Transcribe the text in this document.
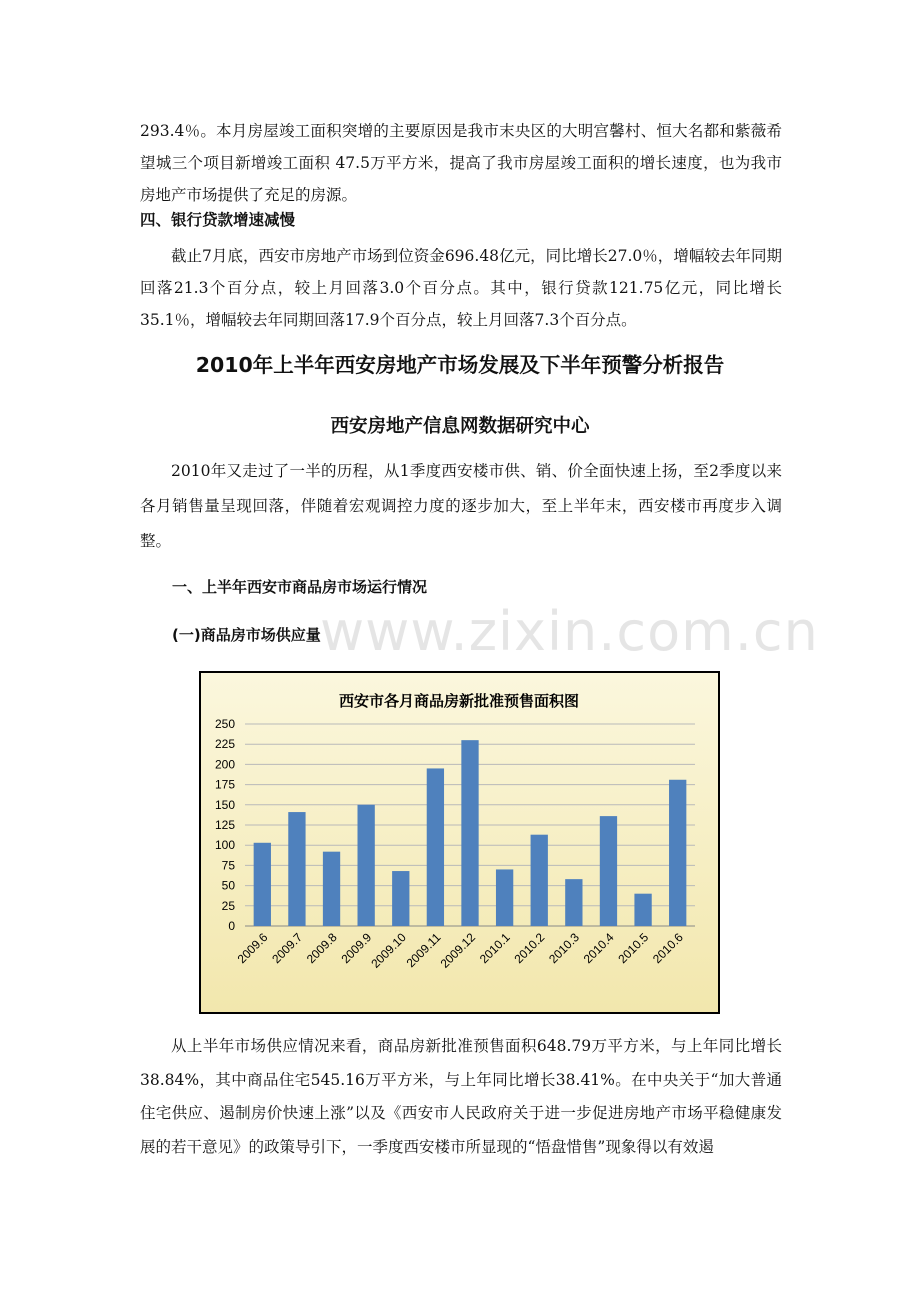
293.4％。本月房屋竣工面积突增的主要原因是我市末央区的大明宫馨村、恒大名都和紫薇希望城三个项目新增竣工面积 47.5万平方米，提高了我市房屋竣工面积的增长速度，也为我市房地产市场提供了充足的房源。

四、银行贷款增速减慢

截止7月底，西安市房地产市场到位资金696.48亿元，同比增长27.0％，增幅较去年同期回落21.3个百分点，较上月回落3.0个百分点。其中，银行贷款121.75亿元，同比增长35.1％，增幅较去年同期回落17.9个百分点，较上月回落7.3个百分点。

2010年上半年西安房地产市场发展及下半年预警分析报告
西安房地产信息网数据研究中心

2010年又走过了一半的历程，从1季度西安楼市供、销、价全面快速上扬，至2季度以来各月销售量呈现回落，伴随着宏观调控力度的逐步加大，至上半年末，西安楼市再度步入调整。

一、上半年西安市商品房市场运行情况

(一)商品房市场供应量 www.zixin.com.cn
西安市各月商品房新批准预售面积图
0
25
50
75
100
125
150
175
200
225
250
2009.6
2009.7
2009.8
2009.9
2009.10
2009.11
2009.12
2010.1
2010.2
2010.3
2010.4
2010.5
2010.6

从上半年市场供应情况来看，商品房新批准预售面积648.79万平方米，与上年同比增长38.84%，其中商品住宅545.16万平方米，与上年同比增长38.41%。在中央关于“加大普通住宅供应、遏制房价快速上涨”以及《西安市人民政府关于进一步促进房地产市场平稳健康发展的若干意见》的政策导引下，一季度西安楼市所显现的“悟盘惜售”现象得以有效遏
